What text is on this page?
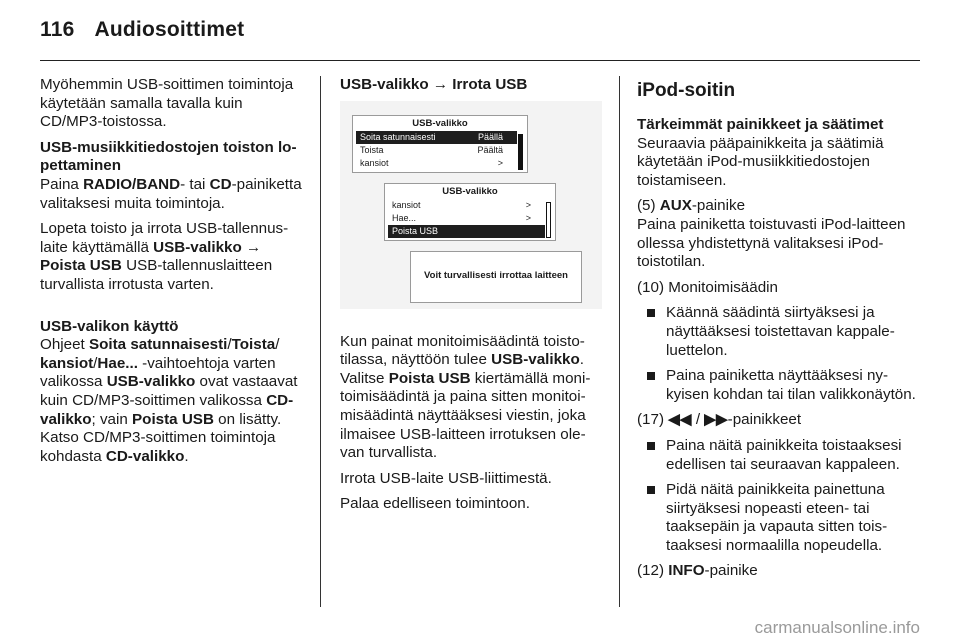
116 Audiosoittimet

Myöhemmin USB-soittimen toimintoja käytetään samalla tavalla kuin CD/MP3-toistossa.

USB-musiikkitiedostojen toiston lopettaminen

Paina RADIO/BAND- tai CD-painiketta valitaksesi muita toimintoja.

Lopeta toisto ja irrota USB-tallennuslaite käyttämällä USB-valikko → Poista USB USB-tallennuslaitteen turvallista irrotusta varten.

USB-valikon käyttö

Ohjeet Soita satunnaisesti/Toista/
kansiot/Hae... -vaihtoehtoja varten valikossa USB-valikko ovat vastaavat kuin CD/MP3-soittimen valikossa CD-valikko; vain Poista USB on lisätty. Katso CD/MP3-soittimen toimintoja kohdasta CD-valikko.

USB-valikko → Irrota USB

USB-valikko
Soita satunnaisesti	Päällä
Toista	Päältä
kansiot	>
USB-valikko
kansiot	>
Hae...	>
Poista USB
Voit turvallisesti irrottaa laitteen

Kun painat monitoimisäädintä toistotilassa, näyttöön tulee USB-valikko. Valitse Poista USB kiertämällä monitoimisäädintä ja paina sitten monitoimisäädintä näyttääksesi viestin, joka ilmaisee USB-laitteen irrotuksen olevan turvallista.

Irrota USB-laite USB-liittimestä.

Palaa edelliseen toimintoon.

iPod-soitin

Tärkeimmät painikkeet ja säätimet

Seuraavia pääpainikkeita ja säätimiä käytetään iPod-musiikkitiedostojen toistamiseen.

(5) AUX-painike

Paina painiketta toistuvasti iPod-laitteen ollessa yhdistettynä valitaksesi iPod-toistotilan.

(10) Monitoimisäädin

Käännä säädintä siirtyäksesi ja näyttääksesi toistettavan kappaleluettelon.
Paina painiketta näyttääksesi nykyisen kohdan tai tilan valikkonäytön.

(17) ◀◀ / ▶▶-painikkeet

Paina näitä painikkeita toistaaksesi edellisen tai seuraavan kappaleen.
Pidä näitä painikkeita painettuna siirtyäksesi nopeasti eteen- tai taaksepäin ja vapauta sitten toistaaksesi normaalilla nopeudella.

(12) INFO-painike

carmanualsonline.info
